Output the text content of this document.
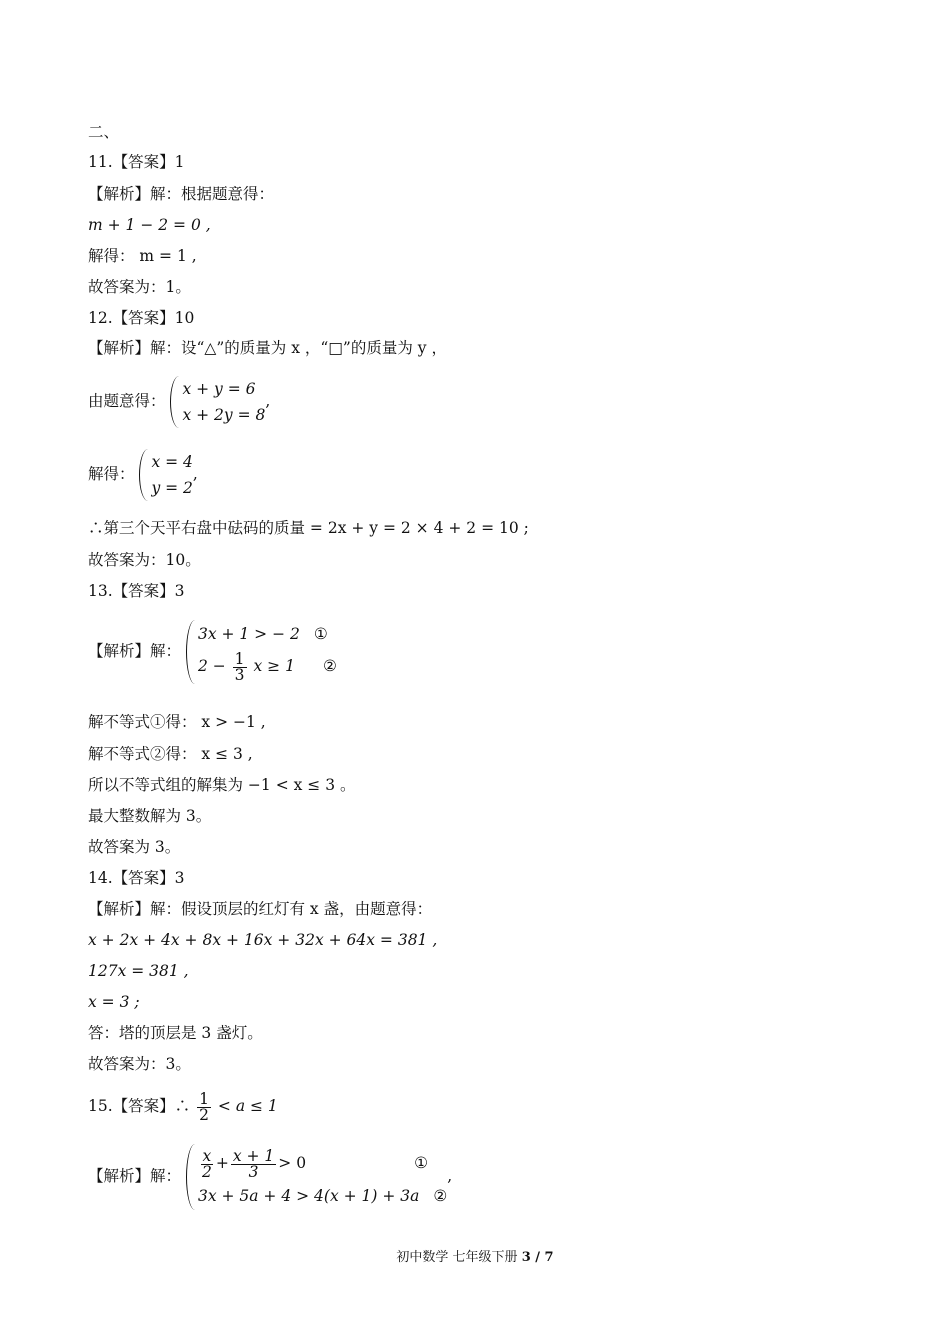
二、
11.【答案】1
【解析】解：根据题意得：
m + 1 − 2 = 0 ,
解得： m = 1 ,
故答案为：1。
12.【答案】10
【解析】解：设“△”的质量为 x ，“□”的质量为 y ，
由题意得：
x + y = 6
x + 2y = 8
,
解得：
x = 4
y = 2
,
∴第三个天平右盘中砝码的质量 = 2x + y = 2 × 4 + 2 = 10 ;
故答案为：10。
13.【答案】3
【解析】解：
3x + 1 > − 2 ①
$2 - \frac{1}{3}$ x ≥ 1 ②
解不等式①得： x > −1 ,
解不等式②得： x ≤ 3 ,
所以不等式组的解集为 −1 < x ≤ 3 。
最大整数解为 3。
故答案为 3。
14.【答案】3
【解析】解：假设顶层的红灯有 x 盏，由题意得：
x + 2x + 4x + 8x + 16x + 32x + 64x = 381 ,
127x = 381 ,
x = 3 ;
答：塔的顶层是 3 盏灯。
故答案为：3。
15.【答案】∴ $\frac{1}{2} < a \le 1$
【解析】解： $\frac{x}{2} + \frac{x + 1}{3} > 0$	①
3x + 5a + 4 > 4(x + 1) + 3a ②
,
初中数学 七年级下册 3 / 7
